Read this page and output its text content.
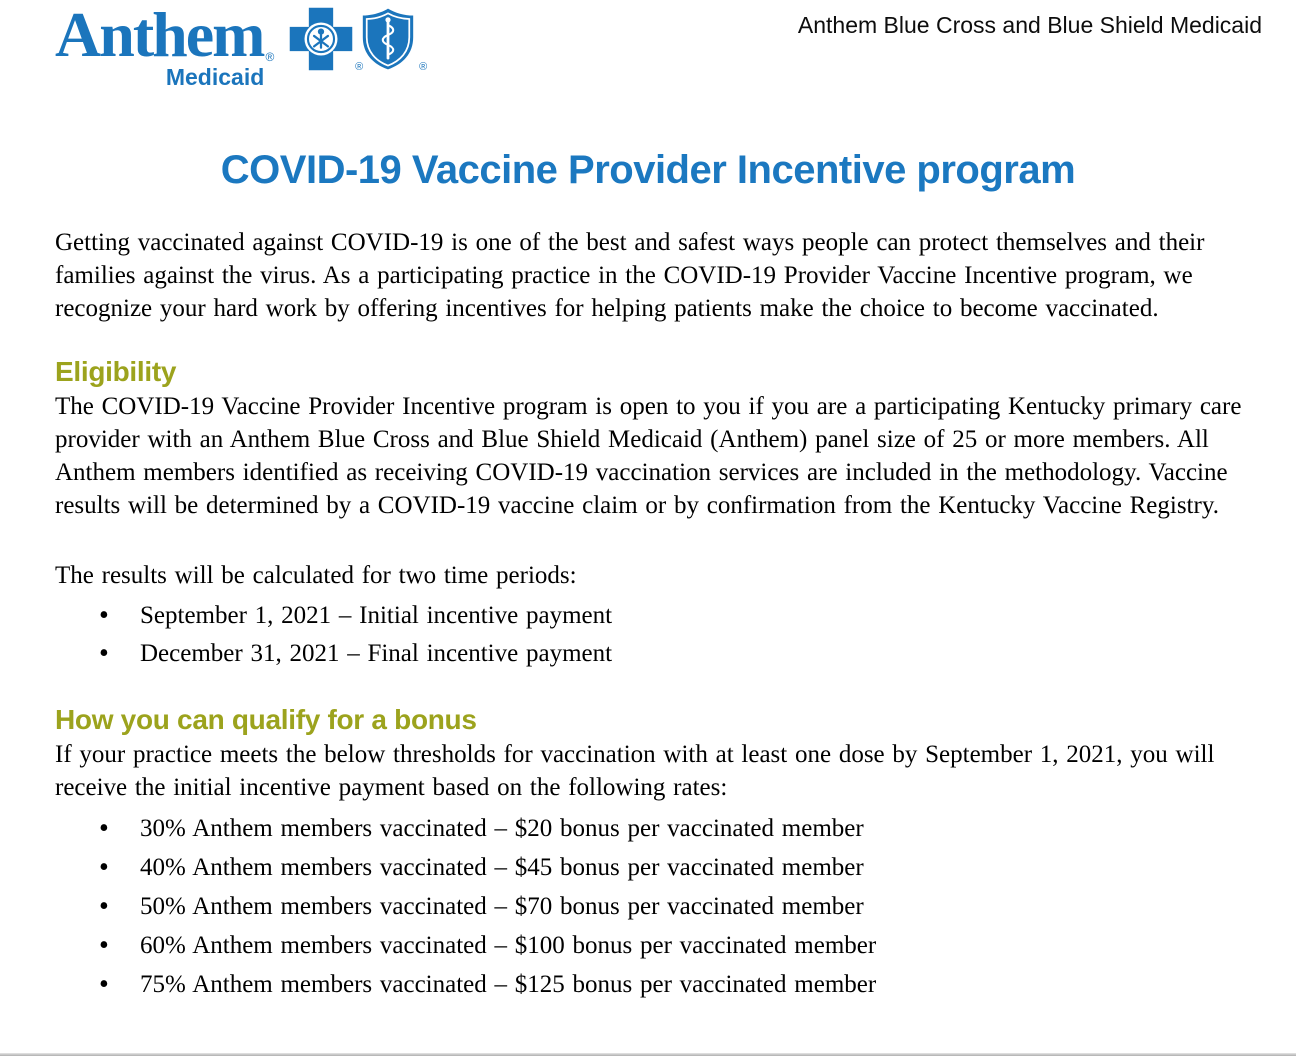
Anthem ®
Medicaid	®	®
Anthem Blue Cross and Blue Shield Medicaid
COVID-19 Vaccine Provider Incentive program

Getting vaccinated against COVID-19 is one of the best and safest ways people can protect themselves and their families against the virus. As a participating practice in the COVID-19 Provider Vaccine Incentive program, we recognize your hard work by offering incentives for helping patients make the choice to become vaccinated.

Eligibility

The COVID-19 Vaccine Provider Incentive program is open to you if you are a participating Kentucky primary care provider with an Anthem Blue Cross and Blue Shield Medicaid (Anthem) panel size of 25 or more members. All Anthem members identified as receiving COVID-19 vaccination services are included in the methodology. Vaccine results will be determined by a COVID-19 vaccine claim or by confirmation from the Kentucky Vaccine Registry.

The results will be calculated for two time periods:

• September 1, 2021 – Initial incentive payment
• December 31, 2021 – Final incentive payment
How you can qualify for a bonus

If your practice meets the below thresholds for vaccination with at least one dose by September 1, 2021, you will receive the initial incentive payment based on the following rates:

• 30% Anthem members vaccinated – $20 bonus per vaccinated member
• 40% Anthem members vaccinated – $45 bonus per vaccinated member
• 50% Anthem members vaccinated – $70 bonus per vaccinated member
• 60% Anthem members vaccinated – $100 bonus per vaccinated member
• 75% Anthem members vaccinated – $125 bonus per vaccinated member
